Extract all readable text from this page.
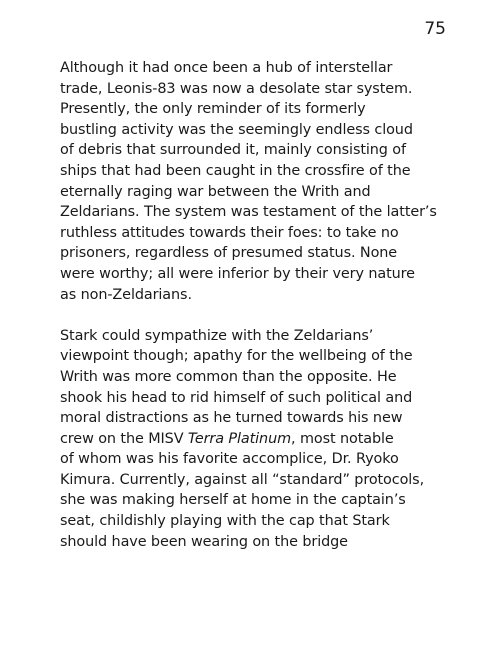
75

Although it had once been a hub of interstellar
trade, Leonis-83 was now a desolate star system.
Presently, the only reminder of its formerly
bustling activity was the seemingly endless cloud
of debris that surrounded it, mainly consisting of
ships that had been caught in the crossfire of the
eternally raging war between the Writh and
Zeldarians. The system was testament of the latter’s
ruthless attitudes towards their foes: to take no
prisoners, regardless of presumed status. None
were worthy; all were inferior by their very nature
as non-Zeldarians.

Stark could sympathize with the Zeldarians’
viewpoint though; apathy for the wellbeing of the
Writh was more common than the opposite. He
shook his head to rid himself of such political and
moral distractions as he turned towards his new
crew on the MISV Terra Platinum, most notable
of whom was his favorite accomplice, Dr. Ryoko
Kimura. Currently, against all “standard” protocols,
she was making herself at home in the captain’s
seat, childishly playing with the cap that Stark
should have been wearing on the bridge
